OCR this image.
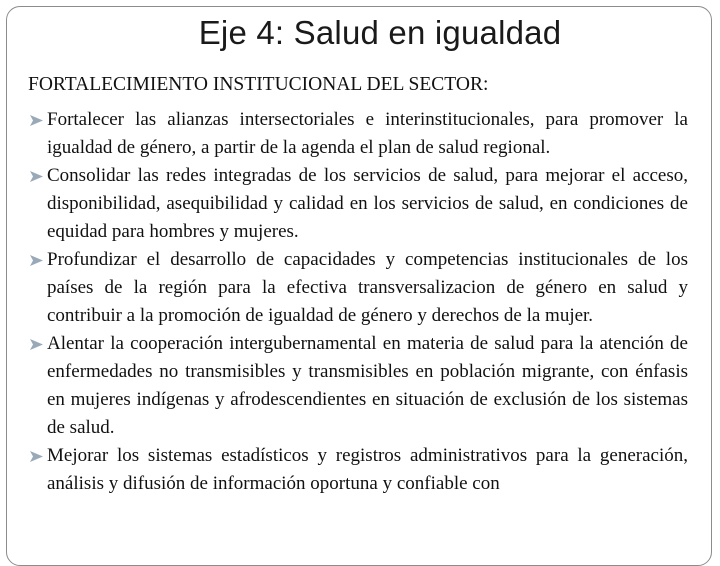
Eje 4: Salud en igualdad
FORTALECIMIENTO INSTITUCIONAL DEL SECTOR:
Fortalecer las alianzas intersectoriales e interinstitucionales, para promover la igualdad de género, a partir de la agenda el plan de salud regional.
Consolidar las redes integradas de los servicios de salud, para mejorar el acceso, disponibilidad, asequibilidad y calidad en los servicios de salud, en condiciones de equidad para hombres y mujeres.
Profundizar el desarrollo de capacidades y competencias institucionales de los países de la región para la efectiva transversalizacion de género en salud y contribuir a la promoción de igualdad de género y derechos de la mujer.
Alentar la cooperación intergubernamental en materia de salud para la atención de enfermedades no transmisibles y transmisibles en población migrante, con énfasis en mujeres indígenas y afrodescendientes en situación de exclusión de los sistemas de salud.
Mejorar los sistemas estadísticos y registros administrativos para la generación, análisis y difusión de información oportuna y confiable con
